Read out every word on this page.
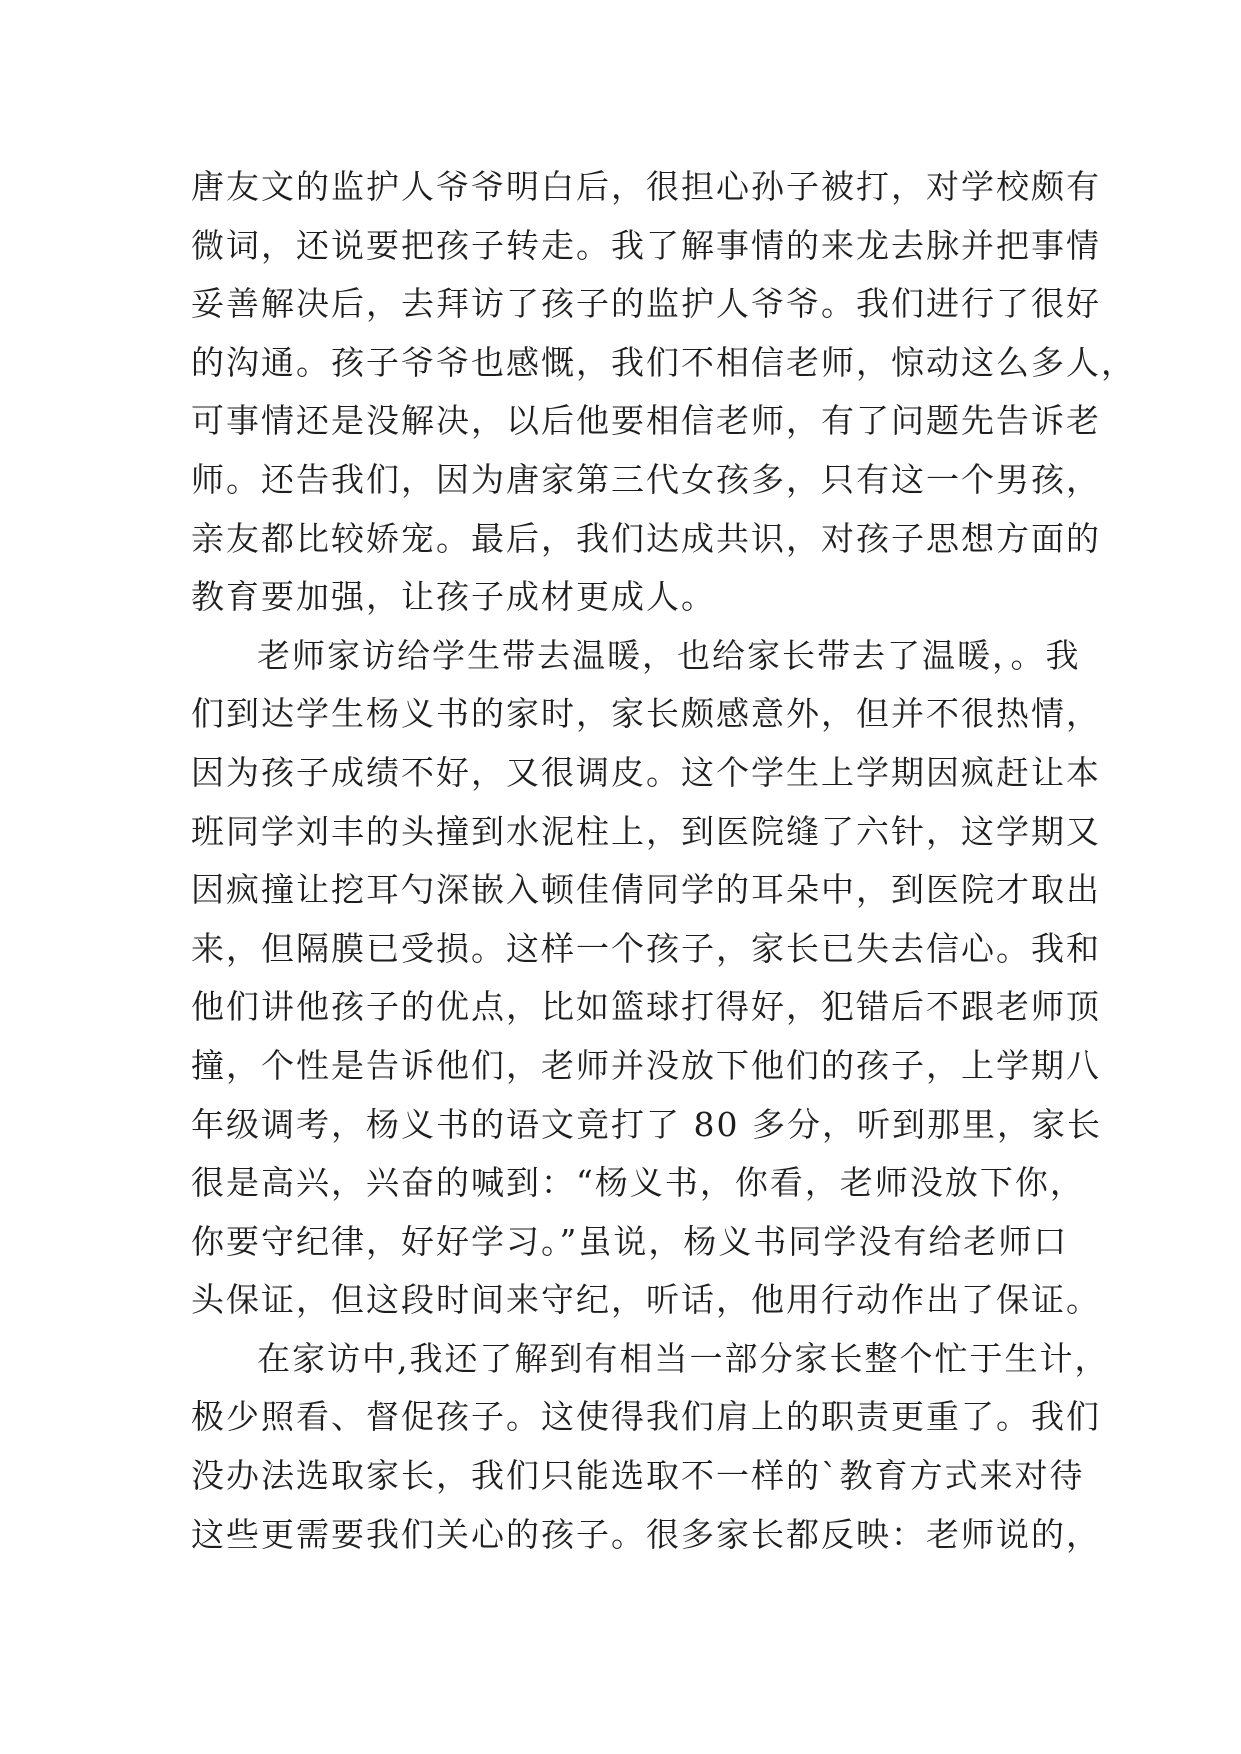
唐友文的监护人爷爷明白后，很担心孙子被打，对学校颇有
微词，还说要把孩子转走。我了解事情的来龙去脉并把事情
妥善解决后，去拜访了孩子的监护人爷爷。我们进行了很好
的沟通。孩子爷爷也感慨，我们不相信老师，惊动这么多人，
可事情还是没解决，以后他要相信老师，有了问题先告诉老
师。还告我们，因为唐家第三代女孩多，只有这一个男孩，
亲友都比较娇宠。最后，我们达成共识，对孩子思想方面的
教育要加强，让孩子成材更成人。
老师家访给学生带去温暖，也给家长带去了温暖，。我
们到达学生杨义书的家时，家长颇感意外，但并不很热情，
因为孩子成绩不好，又很调皮。这个学生上学期因疯赶让本
班同学刘丰的头撞到水泥柱上，到医院缝了六针，这学期又
因疯撞让挖耳勺深嵌入顿佳倩同学的耳朵中，到医院才取出
来，但隔膜已受损。这样一个孩子，家长已失去信心。我和
他们讲他孩子的优点，比如篮球打得好，犯错后不跟老师顶
撞，个性是告诉他们，老师并没放下他们的孩子，上学期八
年级调考，杨义书的语文竟打了 80 多分，听到那里，家长
很是高兴，兴奋的喊到：“杨义书，你看，老师没放下你，
你要守纪律，好好学习。”虽说，杨义书同学没有给老师口
头保证，但这段时间来守纪，听话，他用行动作出了保证。
在家访中,我还了解到有相当一部分家长整个忙于生计，
极少照看、督促孩子。这使得我们肩上的职责更重了。我们
没办法选取家长，我们只能选取不一样的`教育方式来对待
这些更需要我们关心的孩子。很多家长都反映：老师说的，
